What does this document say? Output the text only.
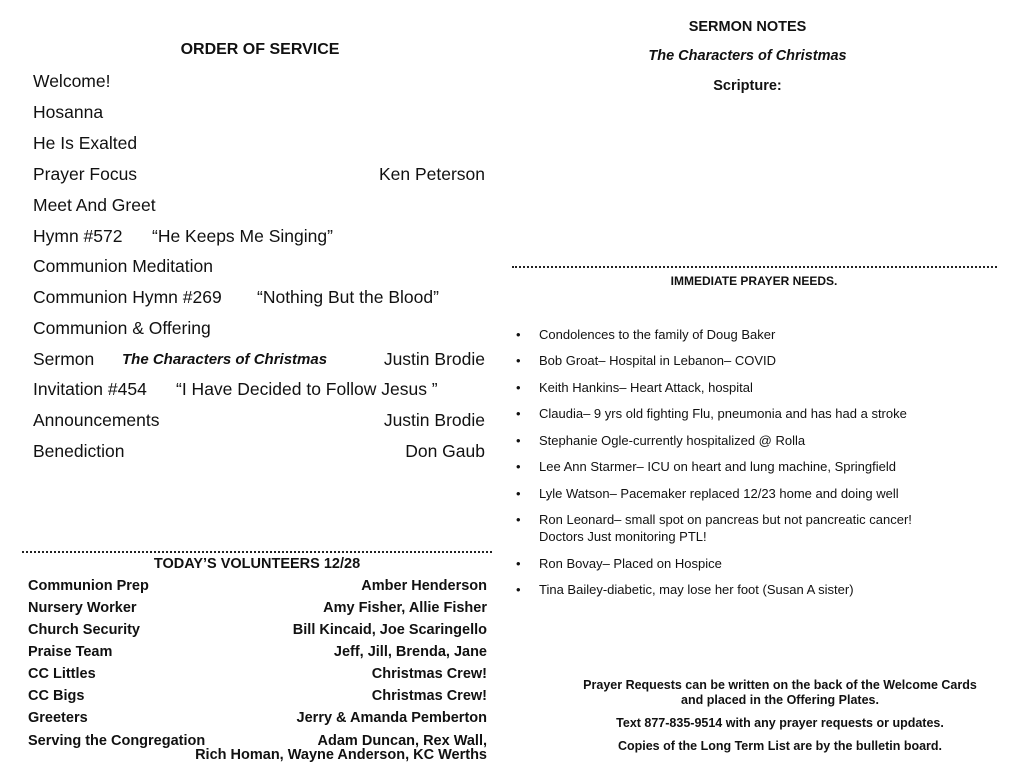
ORDER OF SERVICE
Welcome!
Hosanna
He Is Exalted
Prayer Focus	Ken Peterson
Meet And Greet
Hymn #572 “He Keeps Me Singing”
Communion Meditation
Communion Hymn #269 “Nothing But the Blood”
Communion & Offering
Sermon The Characters of Christmas	Justin Brodie
Invitation #454 “I Have Decided to Follow Jesus ”
Announcements	Justin Brodie
Benediction	Don Gaub
TODAY’S VOLUNTEERS 12/28
Communion Prep	Amber Henderson
Nursery Worker	Amy Fisher, Allie Fisher
Church Security	Bill Kincaid, Joe Scaringello
Praise Team	Jeff, Jill, Brenda, Jane
CC Littles	Christmas Crew!
CC Bigs	Christmas Crew!
Greeters	Jerry & Amanda Pemberton
Serving the Congregation	Adam Duncan, Rex Wall,
Rich Homan, Wayne Anderson, KC Werths
SERMON NOTES
The Characters of Christmas
Scripture:
IMMEDIATE PRAYER NEEDS.
• Condolences to the family of Doug Baker
• Bob Groat– Hospital in Lebanon– COVID
• Keith Hankins– Heart Attack, hospital
• Claudia– 9 yrs old fighting Flu, pneumonia and has had a stroke
• Stephanie Ogle-currently hospitalized @ Rolla
• Lee Ann Starmer– ICU on heart and lung machine, Springfield
• Lyle Watson– Pacemaker replaced 12/23 home and doing well
• Ron Leonard– small spot on pancreas but not pancreatic cancer!
Doctors Just monitoring PTL!
• Ron Bovay– Placed on Hospice
• Tina Bailey-diabetic, may lose her foot (Susan A sister)
Prayer Requests can be written on the back of the Welcome Cards
and placed in the Offering Plates.
Text 877-835-9514 with any prayer requests or updates.
Copies of the Long Term List are by the bulletin board.
